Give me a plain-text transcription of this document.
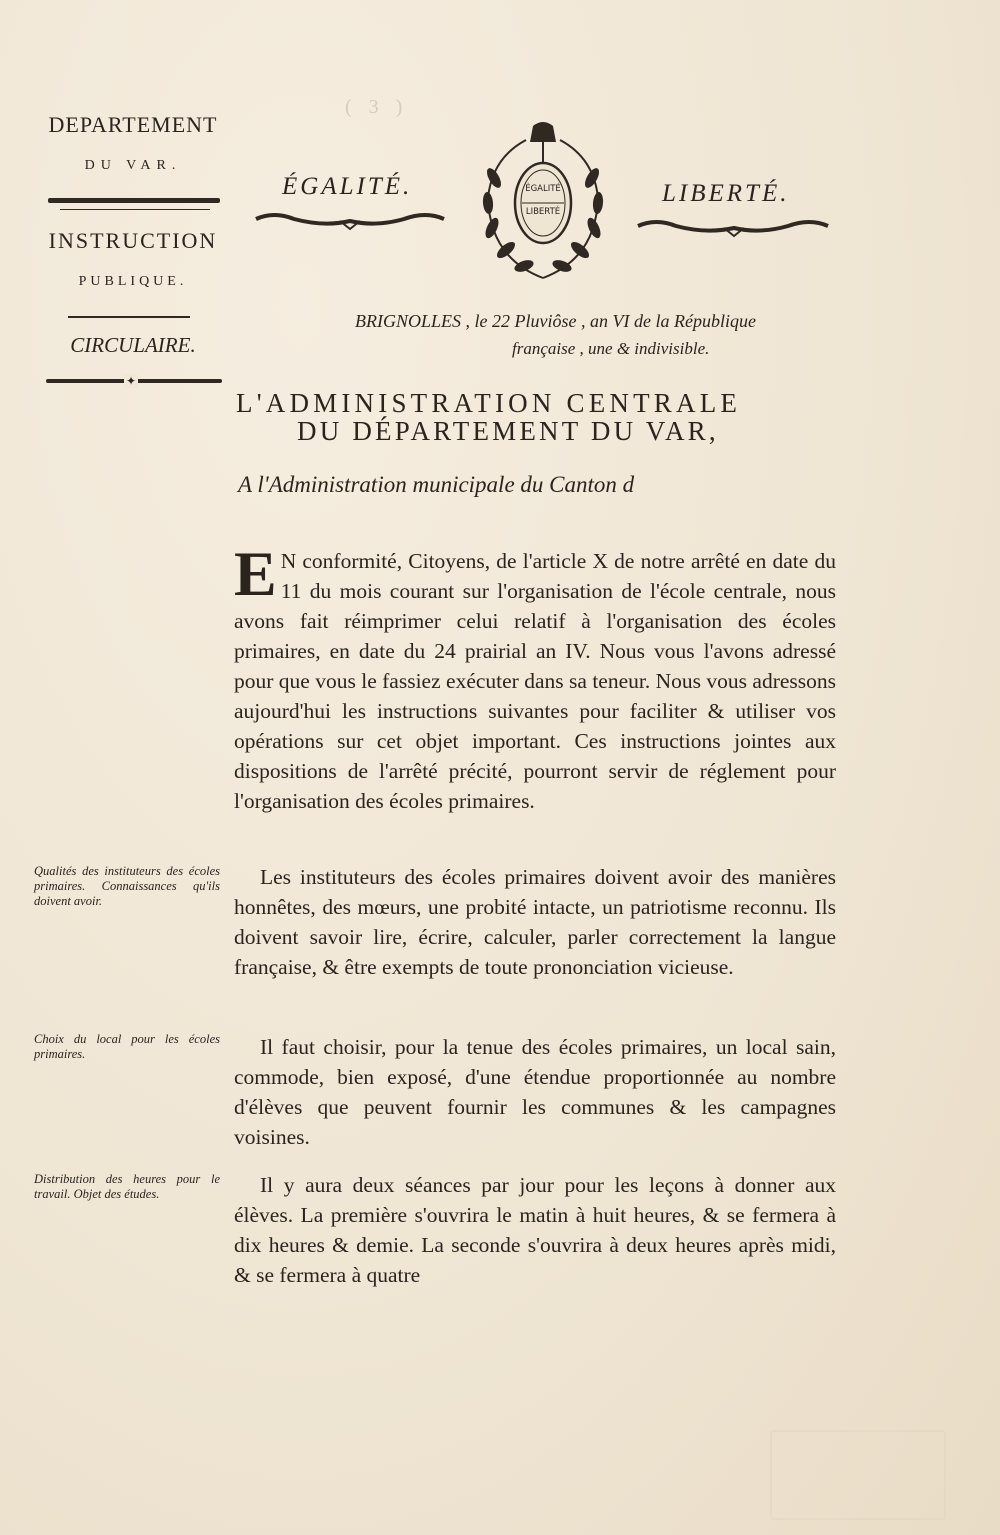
( 3 )
DEPARTEMENT
DU VAR.
INSTRUCTION
PUBLIQUE.
CIRCULAIRE.
✦
ÉGALITÉ.	LIBERTÉ.
ÉGALITÉ
LIBERTÉ
BRIGNOLLES , le 22 Pluviôse , an VI de la République
française , une & indivisible.
L'ADMINISTRATION CENTRALE
DU DÉPARTEMENT DU VAR,
A l'Administration municipale du Canton d
E N conformité, Citoyens, de l'article X de notre arrêté en date du 11 du mois courant sur l'organisation de l'école centrale, nous avons fait réimprimer celui relatif à l'organisation des écoles primaires, en date du 24 prairial an IV. Nous vous l'avons adressé pour que vous le fassiez exécuter dans sa teneur. Nous vous adressons aujourd'hui les instructions suivantes pour faciliter & utiliser vos opérations sur cet objet important. Ces instructions jointes aux dispositions de l'arrêté précité, pourront servir de réglement pour l'organisation des écoles primaires.
Qualités des instituteurs des écoles primaires. Connaissances qu'ils doivent avoir.

Les instituteurs des écoles primaires doivent avoir des manières honnêtes, des mœurs, une probité intacte, un patriotisme reconnu. Ils doivent savoir lire, écrire, calculer, parler correctement la langue française, & être exempts de toute prononciation vicieuse.

Choix du local pour les écoles primaires.	Il faut choisir, pour la tenue des écoles primaires, un local sain, commode, bien exposé, d'une étendue proportionnée au nombre d'élèves que peuvent fournir les communes & les campagnes voisines.

Distribution des heures pour le travail. Objet des études.	Il y aura deux séances par jour pour les leçons à donner aux élèves. La première s'ouvrira le matin à huit heures, & se fermera à dix heures & demie. La seconde s'ouvrira à deux heures après midi, & se fermera à quatre
